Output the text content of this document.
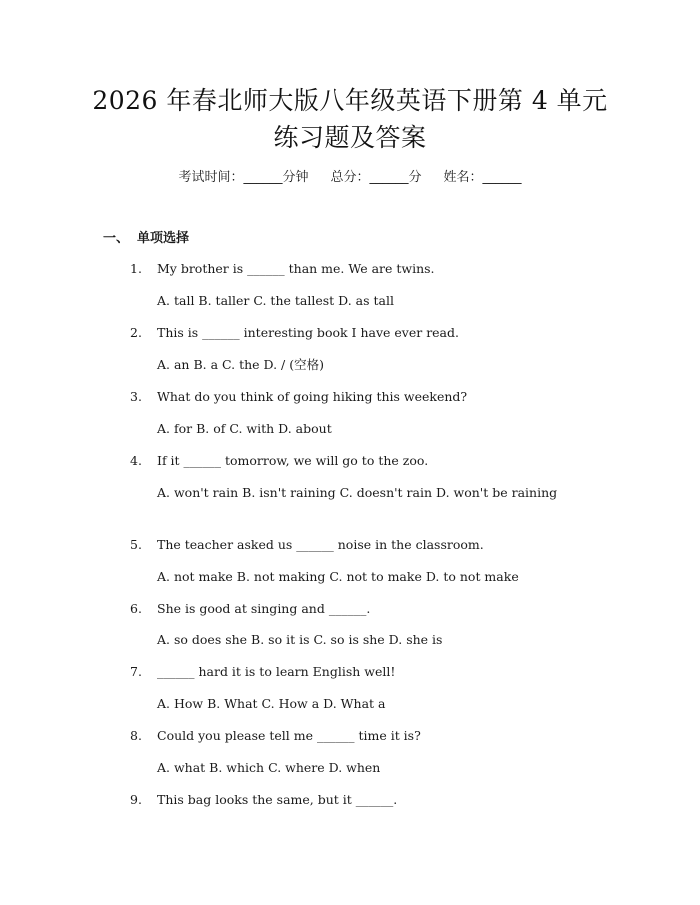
2026 年春北师大版八年级英语下册第 4 单元
练习题及答案
考试时间：______分钟 总分：______分 姓名：______
一、 单项选择
1. My brother is ______ than me. We are twins.
A. tall B. taller C. the tallest D. as tall
2. This is ______ interesting book I have ever read.
A. an B. a C. the D. / (空格)
3. What do you think of going hiking this weekend?
A. for B. of C. with D. about
4. If it ______ tomorrow, we will go to the zoo.
A. won't rain B. isn't raining C. doesn't rain D. won't be raining
5. The teacher asked us ______ noise in the classroom.
A. not make B. not making C. not to make D. to not make
6. She is good at singing and ______.
A. so does she B. so it is C. so is she D. she is
7. ______ hard it is to learn English well!
A. How B. What C. How a D. What a
8. Could you please tell me ______ time it is?
A. what B. which C. where D. when
9. This bag looks the same, but it ______.
